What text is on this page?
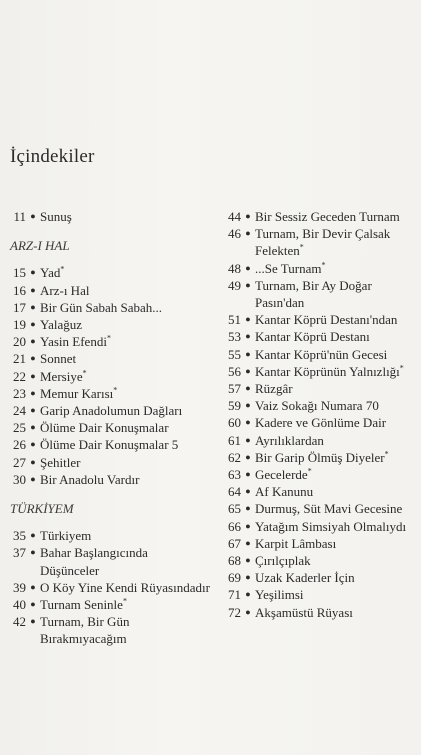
İçindekiler
11 ● Sunuş
ARZ-I HAL
15 ● Yad*
16 ● Arz-ı Hal
17 ● Bir Gün Sabah Sabah...
19 ● Yalağuz
20 ● Yasin Efendi*
21 ● Sonnet
22 ● Mersiye*
23 ● Memur Karısı*
24 ● Garip Anadolumun Dağları
25 ● Ölüme Dair Konuşmalar
26 ● Ölüme Dair Konuşmalar 5
27 ● Şehitler
30 ● Bir Anadolu Vardır
TÜRKİYEM
35 ● Türkiyem
37 ● Bahar Başlangıcında Düşünceler
39 ● O Köy Yine Kendi Rüyasındadır
40 ● Turnam Seninle*
42 ● Turnam, Bir Gün Bırakmıyacağım
44 ● Bir Sessiz Geceden Turnam
46 ● Turnam, Bir Devir Çalsak Felekten*
48 ● ...Se Turnam*
49 ● Turnam, Bir Ay Doğar Pasın'dan
51 ● Kantar Köprü Destanı'ndan
53 ● Kantar Köprü Destanı
55 ● Kantar Köprü'nün Gecesi
56 ● Kantar Köprünün Yalnızlığı*
57 ● Rüzgâr
59 ● Vaiz Sokağı Numara 70
60 ● Kadere ve Gönlüme Dair
61 ● Ayrılıklardan
62 ● Bir Garip Ölmüş Diyeler*
63 ● Gecelerde*
64 ● Af Kanunu
65 ● Durmuş, Süt Mavi Gecesine
66 ● Yatağım Simsiyah Olmalıydı
67 ● Karpit Lâmbası
68 ● Çırılçıplak
69 ● Uzak Kaderler İçin
71 ● Yeşilimsi
72 ● Akşamüstü Rüyası
